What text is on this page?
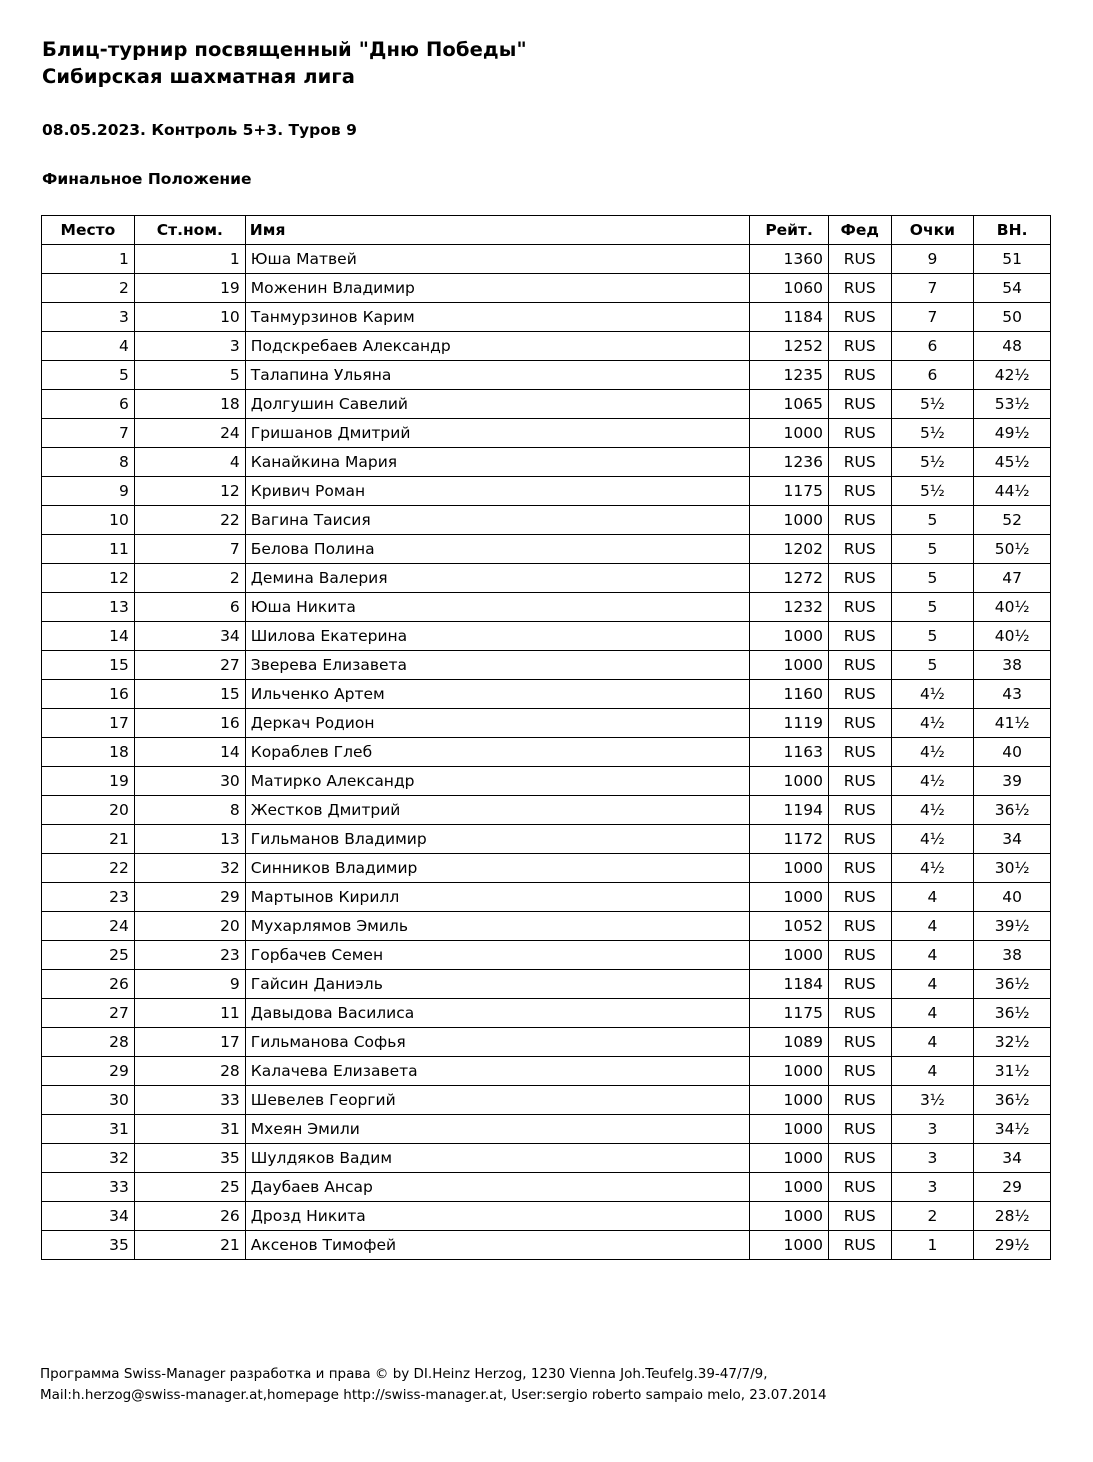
Блиц-турнир посвященный "Дню Победы"
Сибирская шахматная лига
08.05.2023. Контроль 5+3. Туров 9
Финальное Положение
Место	Ст.ном.	Имя	Рейт.	Фед	Очки	ВН.
1	1	Юша Матвей	1360	RUS	9	51
2	19	Моженин Владимир	1060	RUS	7	54
3	10	Танмурзинов Карим	1184	RUS	7	50
4	3	Подскребаев Александр	1252	RUS	6	48
5	5	Талапина Ульяна	1235	RUS	6	42½
6	18	Долгушин Савелий	1065	RUS	5½	53½
7	24	Гришанов Дмитрий	1000	RUS	5½	49½
8	4	Канайкина Мария	1236	RUS	5½	45½
9	12	Кривич Роман	1175	RUS	5½	44½
10	22	Вагина Таисия	1000	RUS	5	52
11	7	Белова Полина	1202	RUS	5	50½
12	2	Демина Валерия	1272	RUS	5	47
13	6	Юша Никита	1232	RUS	5	40½
14	34	Шилова Екатерина	1000	RUS	5	40½
15	27	Зверева Елизавета	1000	RUS	5	38
16	15	Ильченко Артем	1160	RUS	4½	43
17	16	Деркач Родион	1119	RUS	4½	41½
18	14	Кораблев Глеб	1163	RUS	4½	40
19	30	Матирко Александр	1000	RUS	4½	39
20	8	Жестков Дмитрий	1194	RUS	4½	36½
21	13	Гильманов Владимир	1172	RUS	4½	34
22	32	Синников Владимир	1000	RUS	4½	30½
23	29	Мартынов Кирилл	1000	RUS	4	40
24	20	Мухарлямов Эмиль	1052	RUS	4	39½
25	23	Горбачев Семен	1000	RUS	4	38
26	9	Гайсин Даниэль	1184	RUS	4	36½
27	11	Давыдова Василиса	1175	RUS	4	36½
28	17	Гильманова Софья	1089	RUS	4	32½
29	28	Калачева Елизавета	1000	RUS	4	31½
30	33	Шевелев Георгий	1000	RUS	3½	36½
31	31	Мхеян Эмили	1000	RUS	3	34½
32	35	Шулдяков Вадим	1000	RUS	3	34
33	25	Даубаев Ансар	1000	RUS	3	29
34	26	Дрозд Никита	1000	RUS	2	28½
35	21	Аксенов Тимофей	1000	RUS	1	29½
Программа Swiss-Manager разработка и права © by DI.Heinz Herzog, 1230 Vienna Joh.Teufelg.39-47/7/9,
Mail:h.herzog@swiss-manager.at,homepage http://swiss-manager.at, User:sergio roberto sampaio melo, 23.07.2014
